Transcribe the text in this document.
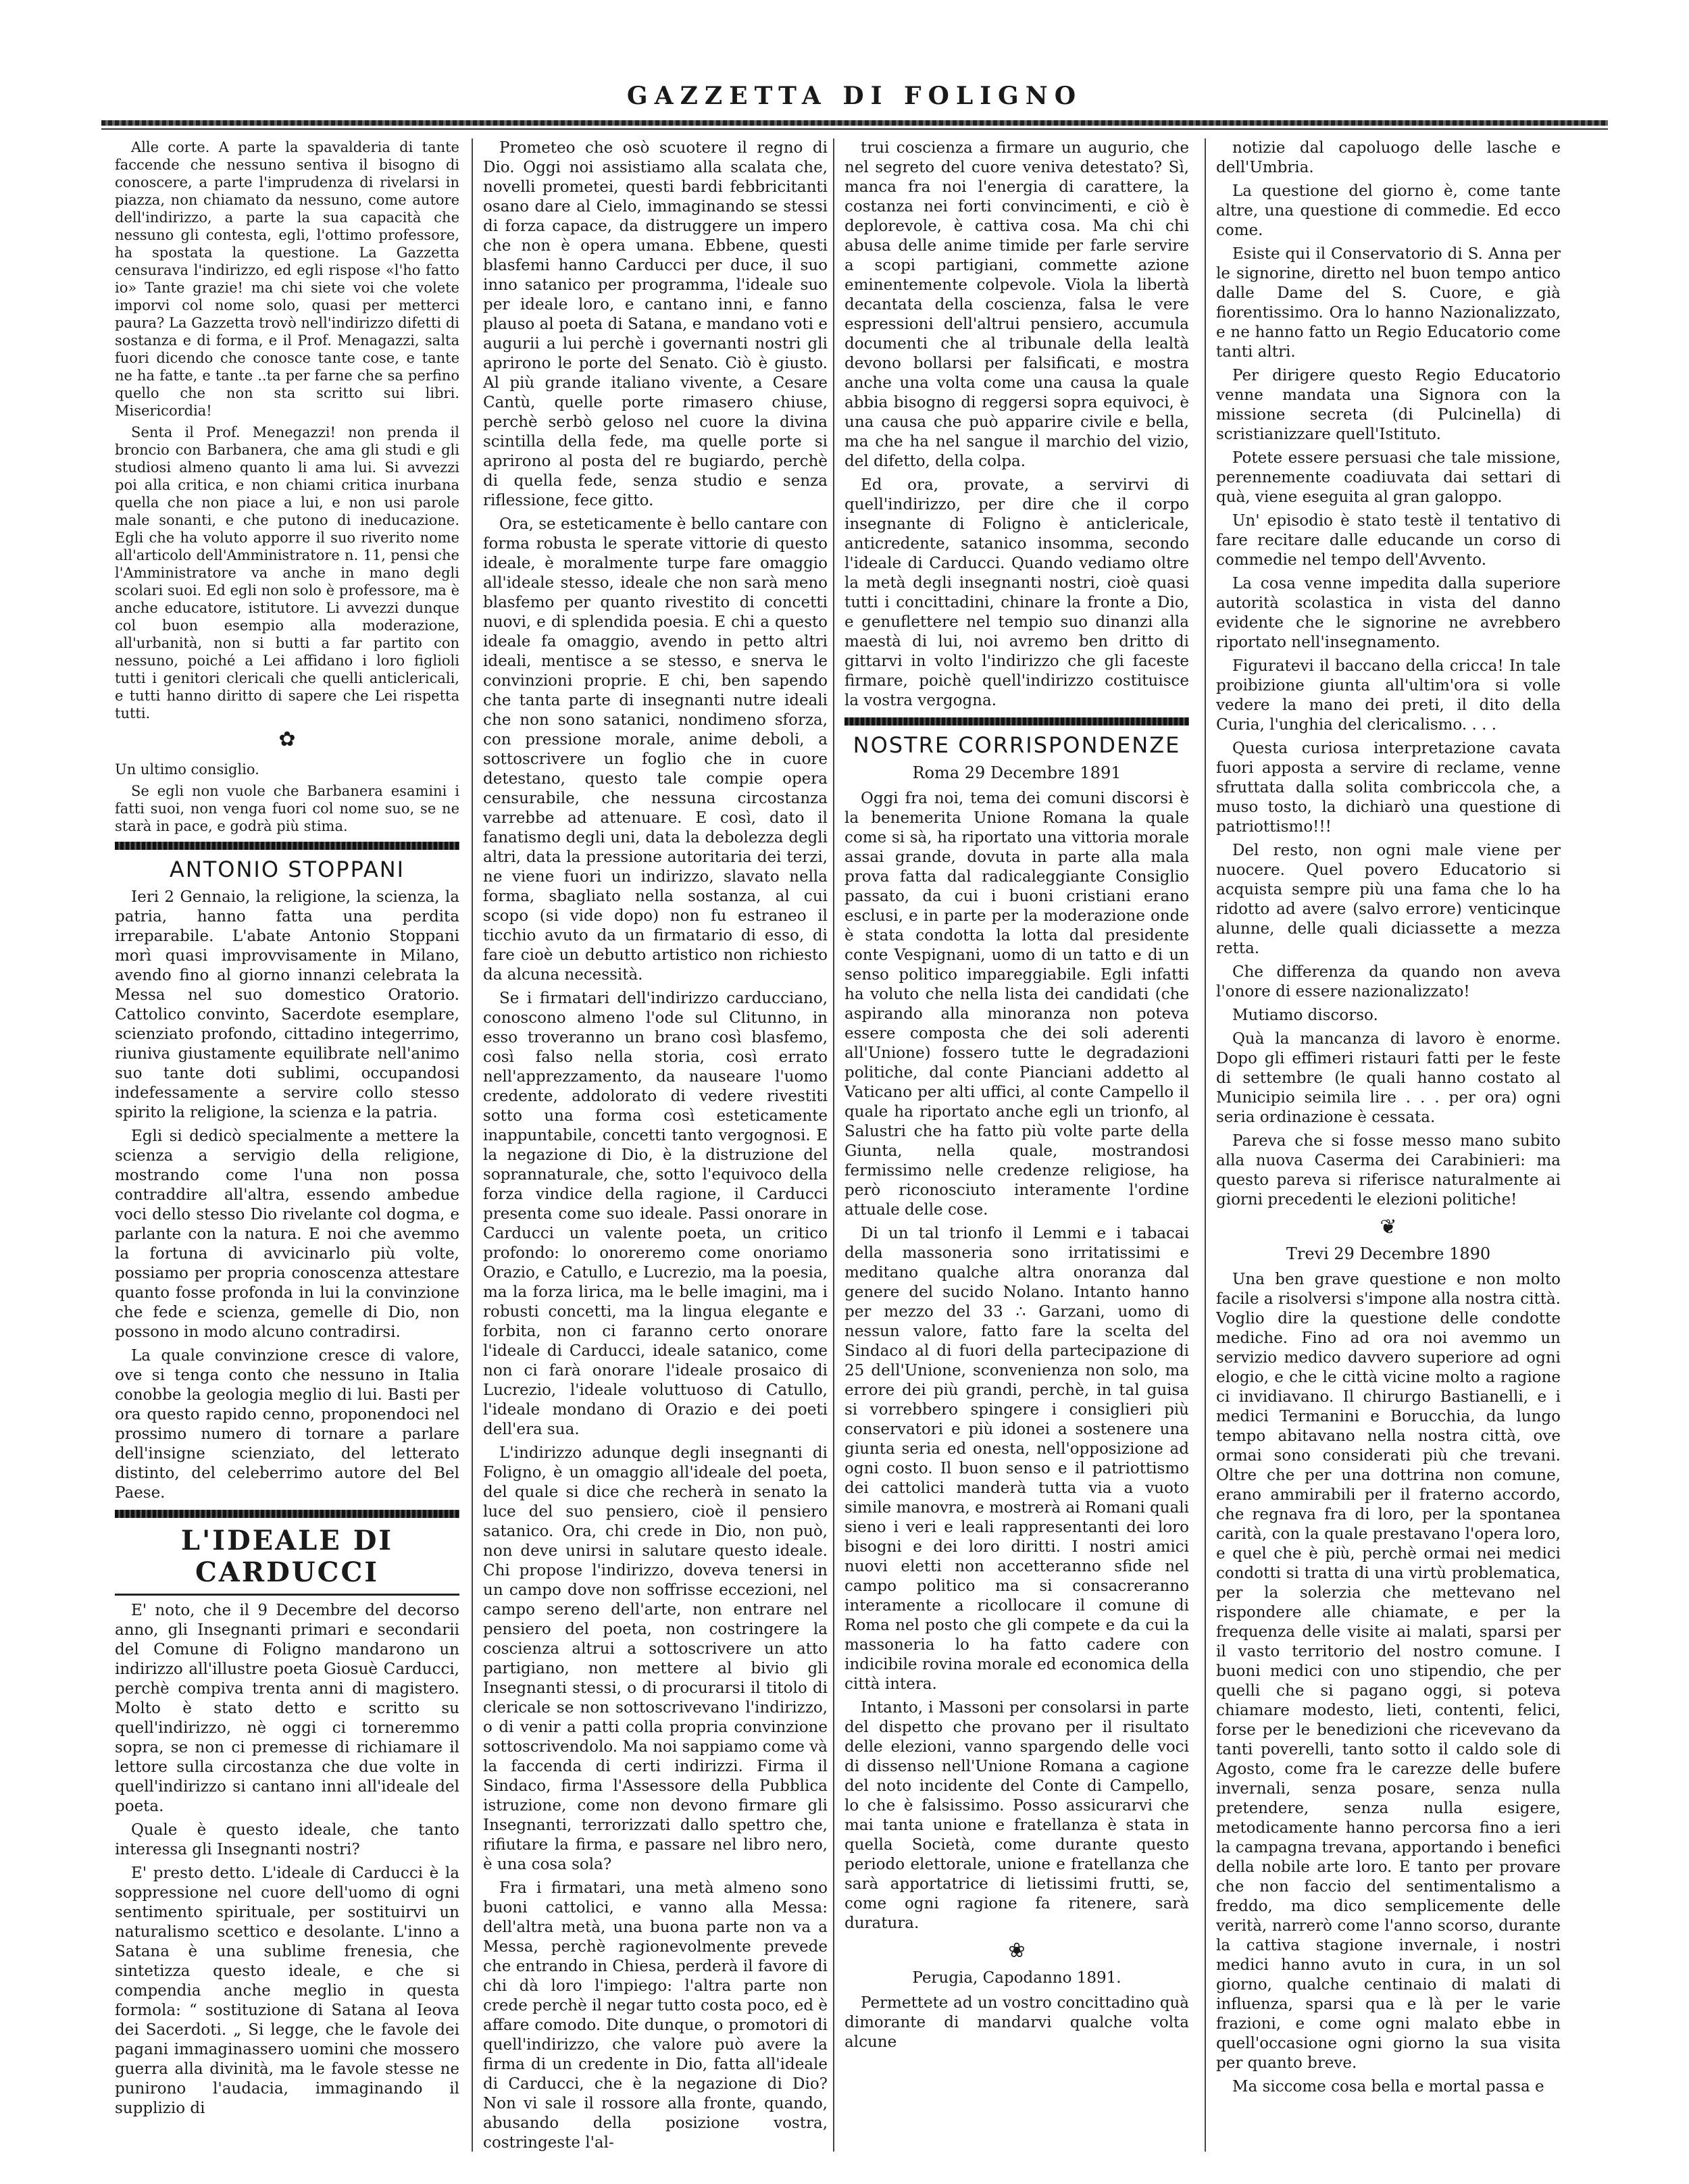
GAZZETTA DI FOLIGNO

Alle corte. A parte la spavalderia di tante faccende che nessuno sentiva il bisogno di conoscere, a parte l'imprudenza di rivelarsi in piazza, non chiamato da nessuno, come autore dell'indirizzo, a parte la sua capacità che nessuno gli contesta, egli, l'ottimo professore, ha spostata la questione. La Gazzetta censurava l'indirizzo, ed egli rispose «l'ho fatto io» Tante grazie! ma chi siete voi che volete imporvi col nome solo, quasi per metterci paura? La Gazzetta trovò nell'indirizzo difetti di sostanza e di forma, e il Prof. Menagazzi, salta fuori dicendo che conosce tante cose, e tante ne ha fatte, e tante ..ta per farne che sa perfino quello che non sta scritto sui libri. Misericordia!

Senta il Prof. Menegazzi! non prenda il broncio con Barbanera, che ama gli studi e gli studiosi almeno quanto li ama lui. Si avvezzi poi alla critica, e non chiami critica inurbana quella che non piace a lui, e non usi parole male sonanti, e che putono di ineducazione. Egli che ha voluto apporre il suo riverito nome all'articolo dell'Amministratore n. 11, pensi che l'Amministratore va anche in mano degli scolari suoi. Ed egli non solo è professore, ma è anche educatore, istitutore. Li avvezzi dunque col buon esempio alla moderazione, all'urbanità, non si butti a far partito con nessuno, poiché a Lei affidano i loro figlioli tutti i genitori clericali che quelli anticlericali, e tutti hanno diritto di sapere che Lei rispetta tutti.

✿

Un ultimo consiglio.

Se egli non vuole che Barbanera esamini i fatti suoi, non venga fuori col nome suo, se ne starà in pace, e godrà più stima.

ANTONIO STOPPANI

Ieri 2 Gennaio, la religione, la scienza, la patria, hanno fatta una perdita irreparabile. L'abate Antonio Stoppani morì quasi improvvisamente in Milano, avendo fino al giorno innanzi celebrata la Messa nel suo domestico Oratorio. Cattolico convinto, Sacerdote esemplare, scienziato profondo, cittadino integerrimo, riuniva giustamente equilibrate nell'animo suo tante doti sublimi, occupandosi indefessamente a servire collo stesso spirito la religione, la scienza e la patria.

Egli si dedicò specialmente a mettere la scienza a servigio della religione, mostrando come l'una non possa contraddire all'altra, essendo ambedue voci dello stesso Dio rivelante col dogma, e parlante con la natura. E noi che avemmo la fortuna di avvicinarlo più volte, possiamo per propria conoscenza attestare quanto fosse profonda in lui la convinzione che fede e scienza, gemelle di Dio, non possono in modo alcuno contradirsi.

La quale convinzione cresce di valore, ove si tenga conto che nessuno in Italia conobbe la geologia meglio di lui. Basti per ora questo rapido cenno, proponendoci nel prossimo numero di tornare a parlare dell'insigne scienziato, del letterato distinto, del celeberrimo autore del Bel Paese.

L'IDEALE DI CARDUCCI

E' noto, che il 9 Decembre del decorso anno, gli Insegnanti primari e secondarii del Comune di Foligno mandarono un indirizzo all'illustre poeta Giosuè Carducci, perchè compiva trenta anni di magistero. Molto è stato detto e scritto su quell'indirizzo, nè oggi ci torneremmo sopra, se non ci premesse di richiamare il lettore sulla circostanza che due volte in quell'indirizzo si cantano inni all'ideale del poeta.

Quale è questo ideale, che tanto interessa gli Insegnanti nostri?

E' presto detto. L'ideale di Carducci è la soppressione nel cuore dell'uomo di ogni sentimento spirituale, per sostituirvi un naturalismo scettico e desolante. L'inno a Satana è una sublime frenesia, che sintetizza questo ideale, e che si compendia anche meglio in questa formola: “ sostituzione di Satana al Ieova dei Sacerdoti. „ Si legge, che le favole dei pagani immaginassero uomini che mossero guerra alla divinità, ma le favole stesse ne punirono l'audacia, immaginando il supplizio di

Prometeo che osò scuotere il regno di Dio. Oggi noi assistiamo alla scalata che, novelli prometei, questi bardi febbricitanti osano dare al Cielo, immaginando se stessi di forza capace, da distruggere un impero che non è opera umana. Ebbene, questi blasfemi hanno Carducci per duce, il suo inno satanico per programma, l'ideale suo per ideale loro, e cantano inni, e fanno plauso al poeta di Satana, e mandano voti e augurii a lui perchè i governanti nostri gli aprirono le porte del Senato. Ciò è giusto. Al più grande italiano vivente, a Cesare Cantù, quelle porte rimasero chiuse, perchè serbò geloso nel cuore la divina scintilla della fede, ma quelle porte si aprirono al posta del re bugiardo, perchè di quella fede, senza studio e senza riflessione, fece gitto.

Ora, se esteticamente è bello cantare con forma robusta le sperate vittorie di questo ideale, è moralmente turpe fare omaggio all'ideale stesso, ideale che non sarà meno blasfemo per quanto rivestito di concetti nuovi, e di splendida poesia. E chi a questo ideale fa omaggio, avendo in petto altri ideali, mentisce a se stesso, e snerva le convinzioni proprie. E chi, ben sapendo che tanta parte di insegnanti nutre ideali che non sono satanici, nondimeno sforza, con pressione morale, anime deboli, a sottoscrivere un foglio che in cuore detestano, questo tale compie opera censurabile, che nessuna circostanza varrebbe ad attenuare. E così, dato il fanatismo degli uni, data la debolezza degli altri, data la pressione autoritaria dei terzi, ne viene fuori un indirizzo, slavato nella forma, sbagliato nella sostanza, al cui scopo (si vide dopo) non fu estraneo il ticchio avuto da un firmatario di esso, di fare cioè un debutto artistico non richiesto da alcuna necessità.

Se i firmatari dell'indirizzo carducciano, conoscono almeno l'ode sul Clitunno, in esso troveranno un brano così blasfemo, così falso nella storia, così errato nell'apprezzamento, da nauseare l'uomo credente, addolorato di vedere rivestiti sotto una forma così esteticamente inappuntabile, concetti tanto vergognosi. E la negazione di Dio, è la distruzione del soprannaturale, che, sotto l'equivoco della forza vindice della ragione, il Carducci presenta come suo ideale. Passi onorare in Carducci un valente poeta, un critico profondo: lo onoreremo come onoriamo Orazio, e Catullo, e Lucrezio, ma la poesia, ma la forza lirica, ma le belle imagini, ma i robusti concetti, ma la lingua elegante e forbita, non ci faranno certo onorare l'ideale di Carducci, ideale satanico, come non ci farà onorare l'ideale prosaico di Lucrezio, l'ideale voluttuoso di Catullo, l'ideale mondano di Orazio e dei poeti dell'era sua.

L'indirizzo adunque degli insegnanti di Foligno, è un omaggio all'ideale del poeta, del quale si dice che recherà in senato la luce del suo pensiero, cioè il pensiero satanico. Ora, chi crede in Dio, non può, non deve unirsi in salutare questo ideale. Chi propose l'indirizzo, doveva tenersi in un campo dove non soffrisse eccezioni, nel campo sereno dell'arte, non entrare nel pensiero del poeta, non costringere la coscienza altrui a sottoscrivere un atto partigiano, non mettere al bivio gli Insegnanti stessi, o di procurarsi il titolo di clericale se non sottoscrivevano l'indirizzo, o di venir a patti colla propria convinzione sottoscrivendolo. Ma noi sappiamo come và la faccenda di certi indirizzi. Firma il Sindaco, firma l'Assessore della Pubblica istruzione, come non devono firmare gli Insegnanti, terrorizzati dallo spettro che, rifiutare la firma, e passare nel libro nero, è una cosa sola?

Fra i firmatari, una metà almeno sono buoni cattolici, e vanno alla Messa: dell'altra metà, una buona parte non va a Messa, perchè ragionevolmente prevede che entrando in Chiesa, perderà il favore di chi dà loro l'impiego: l'altra parte non crede perchè il negar tutto costa poco, ed è affare comodo. Dite dunque, o promotori di quell'indirizzo, che valore può avere la firma di un credente in Dio, fatta all'ideale di Carducci, che è la negazione di Dio? Non vi sale il rossore alla fronte, quando, abusando della posizione vostra, costringeste l'al-

trui coscienza a firmare un augurio, che nel segreto del cuore veniva detestato? Sì, manca fra noi l'energia di carattere, la costanza nei forti convincimenti, e ciò è deplorevole, è cattiva cosa. Ma chi chi abusa delle anime timide per farle servire a scopi partigiani, commette azione eminentemente colpevole. Viola la libertà decantata della coscienza, falsa le vere espressioni dell'altrui pensiero, accumula documenti che al tribunale della lealtà devono bollarsi per falsificati, e mostra anche una volta come una causa la quale abbia bisogno di reggersi sopra equivoci, è una causa che può apparire civile e bella, ma che ha nel sangue il marchio del vizio, del difetto, della colpa.

Ed ora, provate, a servirvi di quell'indirizzo, per dire che il corpo insegnante di Foligno è anticlericale, anticredente, satanico insomma, secondo l'ideale di Carducci. Quando vediamo oltre la metà degli insegnanti nostri, cioè quasi tutti i concittadini, chinare la fronte a Dio, e genuflettere nel tempio suo dinanzi alla maestà di lui, noi avremo ben dritto di gittarvi in volto l'indirizzo che gli faceste firmare, poichè quell'indirizzo costituisce la vostra vergogna.

NOSTRE CORRISPONDENZE
Roma 29 Decembre 1891

Oggi fra noi, tema dei comuni discorsi è la benemerita Unione Romana la quale come si sà, ha riportato una vittoria morale assai grande, dovuta in parte alla mala prova fatta dal radicaleggiante Consiglio passato, da cui i buoni cristiani erano esclusi, e in parte per la moderazione onde è stata condotta la lotta dal presidente conte Vespignani, uomo di un tatto e di un senso politico impareggiabile. Egli infatti ha voluto che nella lista dei candidati (che aspirando alla minoranza non poteva essere composta che dei soli aderenti all'Unione) fossero tutte le degradazioni politiche, dal conte Pianciani addetto al Vaticano per alti uffici, al conte Campello il quale ha riportato anche egli un trionfo, al Salustri che ha fatto più volte parte della Giunta, nella quale, mostrandosi fermissimo nelle credenze religiose, ha però riconosciuto interamente l'ordine attuale delle cose.

Di un tal trionfo il Lemmi e i tabacai della massoneria sono irritatissimi e meditano qualche altra onoranza dal genere del sucido Nolano. Intanto hanno per mezzo del 33 ∴ Garzani, uomo di nessun valore, fatto fare la scelta del Sindaco al di fuori della partecipazione di 25 dell'Unione, sconvenienza non solo, ma errore dei più grandi, perchè, in tal guisa si vorrebbero spingere i consiglieri più conservatori e più idonei a sostenere una giunta seria ed onesta, nell'opposizione ad ogni costo. Il buon senso e il patriottismo dei cattolici manderà tutta via a vuoto simile manovra, e mostrerà ai Romani quali sieno i veri e leali rappresentanti dei loro bisogni e dei loro diritti. I nostri amici nuovi eletti non accetteranno sfide nel campo politico ma si consacreranno interamente a ricollocare il comune di Roma nel posto che gli compete e da cui la massoneria lo ha fatto cadere con indicibile rovina morale ed economica della città intera.

Intanto, i Massoni per consolarsi in parte del dispetto che provano per il risultato delle elezioni, vanno spargendo delle voci di dissenso nell'Unione Romana a cagione del noto incidente del Conte di Campello, lo che è falsissimo. Posso assicurarvi che mai tanta unione e fratellanza è stata in quella Società, come durante questo periodo elettorale, unione e fratellanza che sarà apportatrice di lietissimi frutti, se, come ogni ragione fa ritenere, sarà duratura.

❀
Perugia, Capodanno 1891.

Permettete ad un vostro concittadino quà dimorante di mandarvi qualche volta alcune

notizie dal capoluogo delle lasche e dell'Umbria.

La questione del giorno è, come tante altre, una questione di commedie. Ed ecco come.

Esiste qui il Conservatorio di S. Anna per le signorine, diretto nel buon tempo antico dalle Dame del S. Cuore, e già fiorentissimo. Ora lo hanno Nazionalizzato, e ne hanno fatto un Regio Educatorio come tanti altri.

Per dirigere questo Regio Educatorio venne mandata una Signora con la missione secreta (di Pulcinella) di scristianizzare quell'Istituto.

Potete essere persuasi che tale missione, perennemente coadiuvata dai settari di quà, viene eseguita al gran galoppo.

Un' episodio è stato testè il tentativo di fare recitare dalle educande un corso di commedie nel tempo dell'Avvento.

La cosa venne impedita dalla superiore autorità scolastica in vista del danno evidente che le signorine ne avrebbero riportato nell'insegnamento.

Figuratevi il baccano della cricca! In tale proibizione giunta all'ultim'ora si volle vedere la mano dei preti, il dito della Curia, l'unghia del clericalismo. . . .

Questa curiosa interpretazione cavata fuori apposta a servire di reclame, venne sfruttata dalla solita combriccola che, a muso tosto, la dichiarò una questione di patriottismo!!!

Del resto, non ogni male viene per nuocere. Quel povero Educatorio si acquista sempre più una fama che lo ha ridotto ad avere (salvo errore) venticinque alunne, delle quali diciassette a mezza retta.

Che differenza da quando non aveva l'onore di essere nazionalizzato!

Mutiamo discorso.

Quà la mancanza di lavoro è enorme. Dopo gli effimeri ristauri fatti per le feste di settembre (le quali hanno costato al Municipio seimila lire . . . per ora) ogni seria ordinazione è cessata.

Pareva che si fosse messo mano subito alla nuova Caserma dei Carabinieri: ma questo pareva si riferisce naturalmente ai giorni precedenti le elezioni politiche!

❦
Trevi 29 Decembre 1890

Una ben grave questione e non molto facile a risolversi s'impone alla nostra città. Voglio dire la questione delle condotte mediche. Fino ad ora noi avemmo un servizio medico davvero superiore ad ogni elogio, e che le città vicine molto a ragione ci invidiavano. Il chirurgo Bastianelli, e i medici Termanini e Borucchia, da lungo tempo abitavano nella nostra città, ove ormai sono considerati più che trevani. Oltre che per una dottrina non comune, erano ammirabili per il fraterno accordo, che regnava fra di loro, per la spontanea carità, con la quale prestavano l'opera loro, e quel che è più, perchè ormai nei medici condotti si tratta di una virtù problematica, per la solerzia che mettevano nel rispondere alle chiamate, e per la frequenza delle visite ai malati, sparsi per il vasto territorio del nostro comune. I buoni medici con uno stipendio, che per quelli che si pagano oggi, si poteva chiamare modesto, lieti, contenti, felici, forse per le benedizioni che ricevevano da tanti poverelli, tanto sotto il caldo sole di Agosto, come fra le carezze delle bufere invernali, senza posare, senza nulla pretendere, senza nulla esigere, metodicamente hanno percorsa fino a ieri la campagna trevana, apportando i benefici della nobile arte loro. E tanto per provare che non faccio del sentimentalismo a freddo, ma dico semplicemente delle verità, narrerò come l'anno scorso, durante la cattiva stagione invernale, i nostri medici hanno avuto in cura, in un sol giorno, qualche centinaio di malati di influenza, sparsi qua e là per le varie frazioni, e come ogni malato ebbe in quell'occasione ogni giorno la sua visita per quanto breve.

Ma siccome cosa bella e mortal passa e
